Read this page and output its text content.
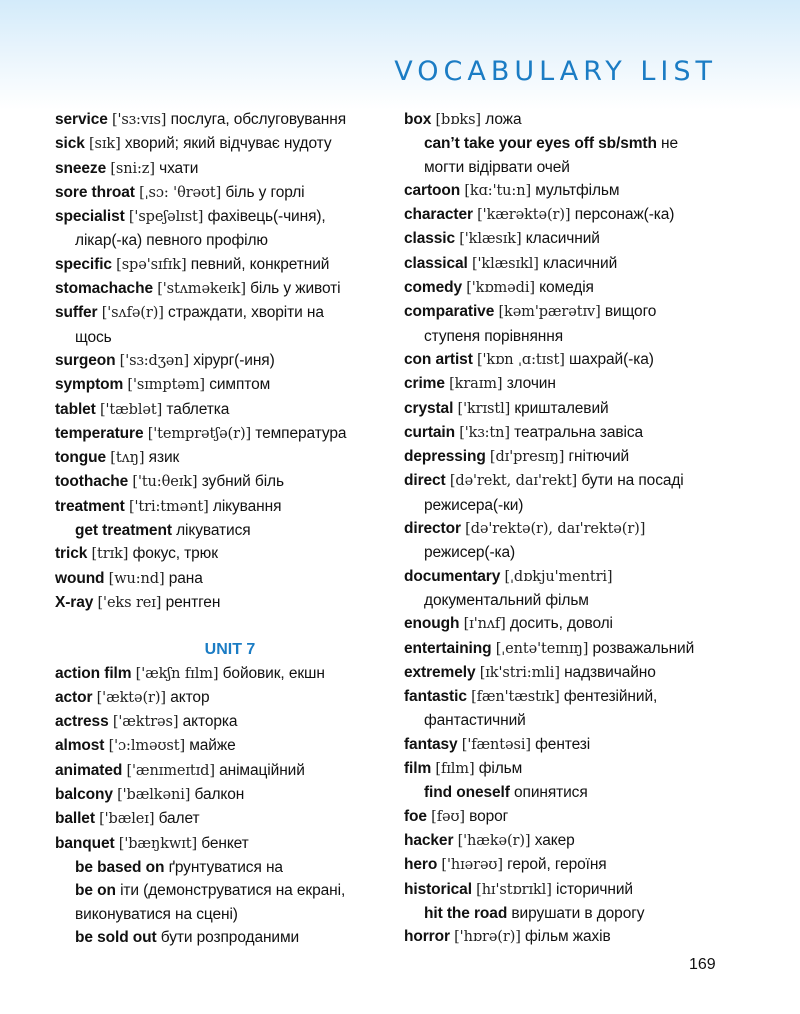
VOCABULARY LIST
service ['sɜ:vɪs] послуга, обслуговування
sick [sɪk] хворий; який відчуває нудоту
sneeze [sni:z] чхати
sore throat [ˌsɔ: 'θrəʊt] біль у горлі
specialist ['speʃəlɪst] фахівець(-чиня),
лікар(-ка) певного профілю
specific [spə'sɪfɪk] певний, конкретний
stomachache ['stʌməkeɪk] біль у животі
suffer ['sʌfə(r)] страждати, хворіти на
щось
surgeon ['sɜ:dʒən] хірург(-иня)
symptom ['sɪmptəm] симптом
tablet ['tæblət] таблетка
temperature ['temprətʃə(r)] температура
tongue [tʌŋ] язик
toothache ['tu:θeɪk] зубний біль
treatment ['tri:tmənt] лікування
get treatment лікуватися
trick [trɪk] фокус, трюк
wound [wu:nd] рана
X-ray ['eks reɪ] рентген
UNIT 7
action film ['ækʃn fɪlm] бойовик, екшн
actor ['æktə(r)] актор
actress ['æktrəs] акторка
almost ['ɔ:lməʊst] майже
animated ['ænɪmeɪtɪd] анімаційний
balcony ['bælkəni] балкон
ballet ['bæleɪ] балет
banquet ['bæŋkwɪt] бенкет
be based on ґрунтуватися на
be on іти (демонструватися на екрані,
виконуватися на сцені)
be sold out бути розпроданими
box [bɒks] ложа
can’t take your eyes off sb/smth не
могти відірвати очей
cartoon [kɑ:'tu:n] мультфільм
character ['kærəktə(r)] персонаж(-ка)
classic ['klæsɪk] класичний
classical ['klæsɪkl] класичний
comedy ['kɒmədi] комедія
comparative [kəm'pærətɪv] вищого
ступеня порівняння
con artist ['kɒn ˌɑ:tɪst] шахрай(-ка)
crime [kraɪm] злочин
crystal ['krɪstl] кришталевий
curtain ['kɜ:tn] театральна завіса
depressing [dɪ'presɪŋ] гнітючий
direct [də'rekt, daɪ'rekt] бути на посаді
режисера(-ки)
director [də'rektə(r), daɪ'rektə(r)]
режисер(-ка)
documentary [ˌdɒkju'mentri]
документальний фільм
enough [ɪ'nʌf] досить, доволі
entertaining [ˌentə'teɪnɪŋ] розважальний
extremely [ɪk'stri:mli] надзвичайно
fantastic [fæn'tæstɪk] фентезійний,
фантастичний
fantasy ['fæntəsi] фентезі
film [fɪlm] фільм
find oneself опинятися
foe [fəʊ] ворог
hacker ['hækə(r)] хакер
hero ['hɪərəʊ] герой, героїня
historical [hɪ'stɒrɪkl] історичний
hit the road вирушати в дорогу
horror ['hɒrə(r)] фільм жахів
169
